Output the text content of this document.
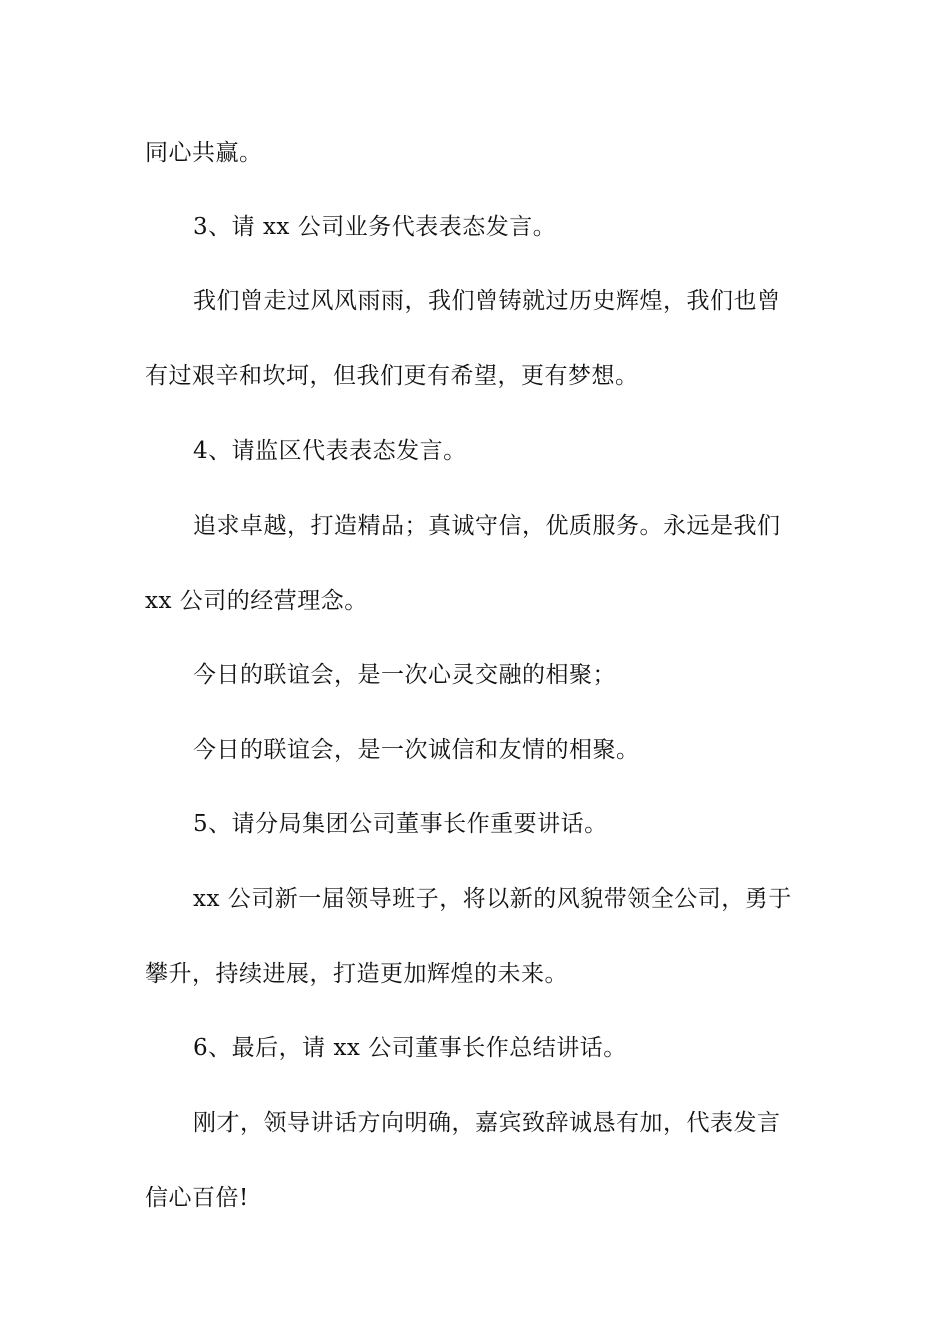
同心共赢。
3、请 xx 公司业务代表表态发言。
我们曾走过风风雨雨，我们曾铸就过历史辉煌，我们也曾
有过艰辛和坎坷，但我们更有希望，更有梦想。
4、请监区代表表态发言。
追求卓越，打造精品；真诚守信，优质服务。永远是我们
xx 公司的经营理念。
今日的联谊会，是一次心灵交融的相聚；
今日的联谊会，是一次诚信和友情的相聚。
5、请分局集团公司董事长作重要讲话。
xx 公司新一届领导班子，将以新的风貌带领全公司，勇于
攀升，持续进展，打造更加辉煌的未来。
6、最后，请 xx 公司董事长作总结讲话。
刚才，领导讲话方向明确，嘉宾致辞诚恳有加，代表发言
信心百倍!
